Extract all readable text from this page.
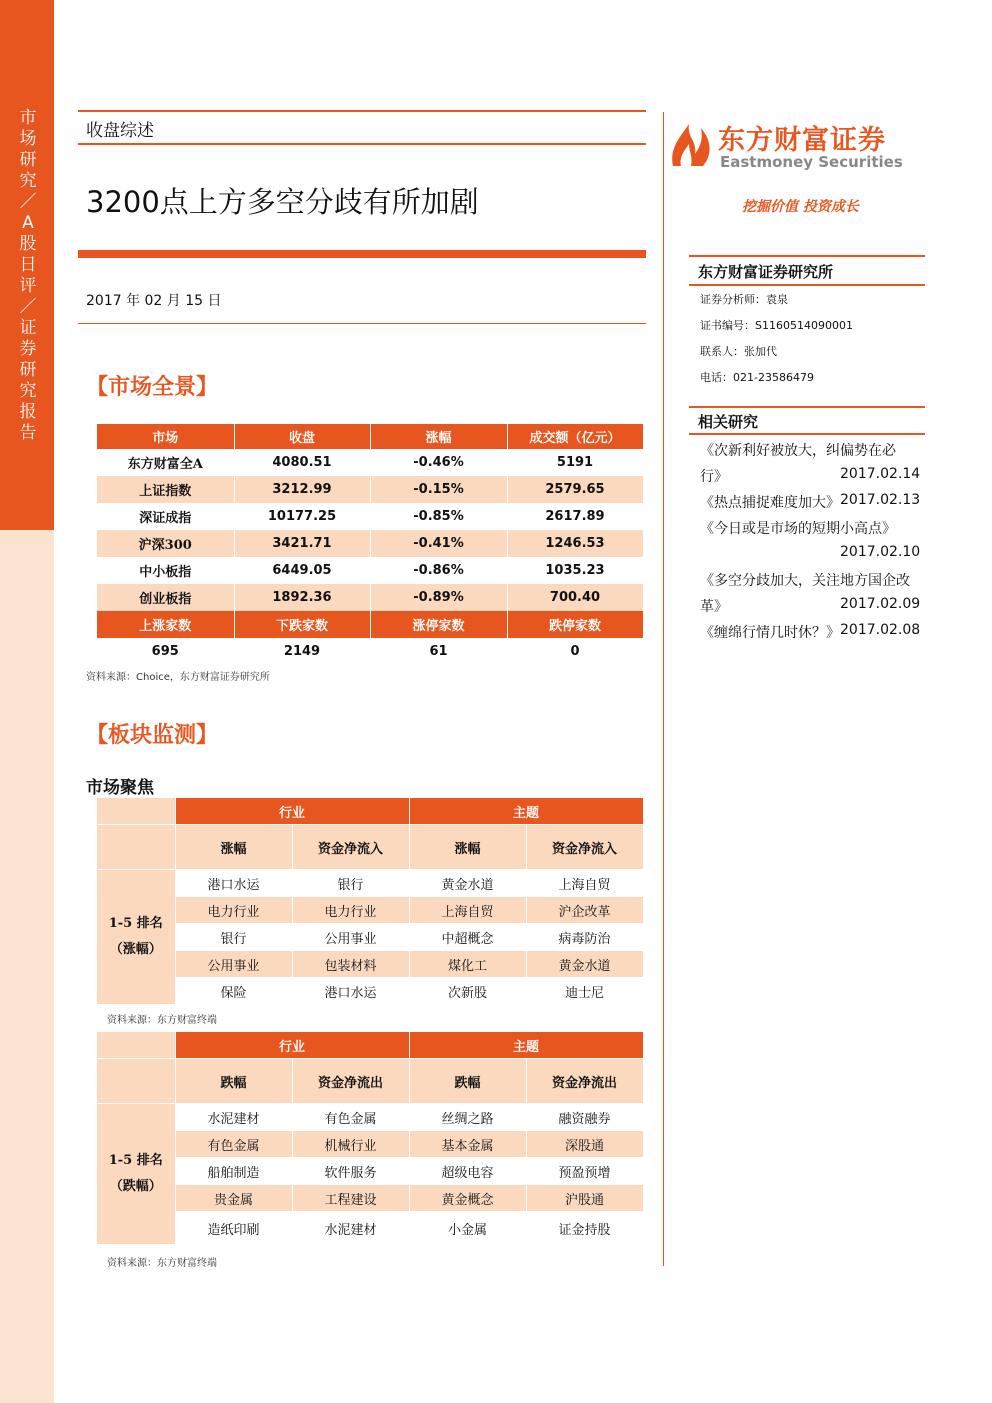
市场研究／A股日评／证券研究报告
收盘综述
3200点上方多空分歧有所加剧
2017 年 02 月 15 日
【市场全景】
市场	收盘	涨幅	成交额（亿元）
东方财富全A	4080.51	-0.46%	5191
上证指数	3212.99	-0.15%	2579.65
深证成指	10177.25	-0.85%	2617.89
沪深300	3421.71	-0.41%	1246.53
中小板指	6449.05	-0.86%	1035.23
创业板指	1892.36	-0.89%	700.40
上涨家数	下跌家数	涨停家数	跌停家数
695	2149	61	0
资料来源：Choice，东方财富证券研究所
【板块监测】
市场聚焦
	行业		主题	
	涨幅	资金净流入	涨幅	资金净流入

1-5 排名
（涨幅）	港口水运	银行	黄金水道	上海自贸
	电力行业	电力行业	上海自贸	沪企改革
	银行	公用事业	中超概念	病毒防治
	公用事业	包装材料	煤化工	黄金水道
	保险	港口水运	次新股	迪士尼
资料来源：东方财富终端
	行业		主题	
	跌幅	资金净流出	跌幅	资金净流出

1-5 排名
（跌幅）	水泥建材	有色金属	丝绸之路	融资融券
	有色金属	机械行业	基本金属	深股通
	船舶制造	软件服务	超级电容	预盈预增
	贵金属	工程建设	黄金概念	沪股通
	造纸印刷	水泥建材	小金属	证金持股
资料来源：东方财富终端
东方财富证券
Eastmoney Securities
挖掘价值 投资成长
东方财富证券研究所
证券分析师：袁泉
证书编号：S1160514090001
联系人：张加代
电话：021-23586479
相关研究
《次新利好被放大，纠偏势在必
行》	2017.02.14
《热点捕捉难度加大》 2017.02.13
《今日或是市场的短期小高点》
2017.02.10
《多空分歧加大，关注地方国企改
革》	2017.02.09
《缠绵行情几时休？》 2017.02.08
